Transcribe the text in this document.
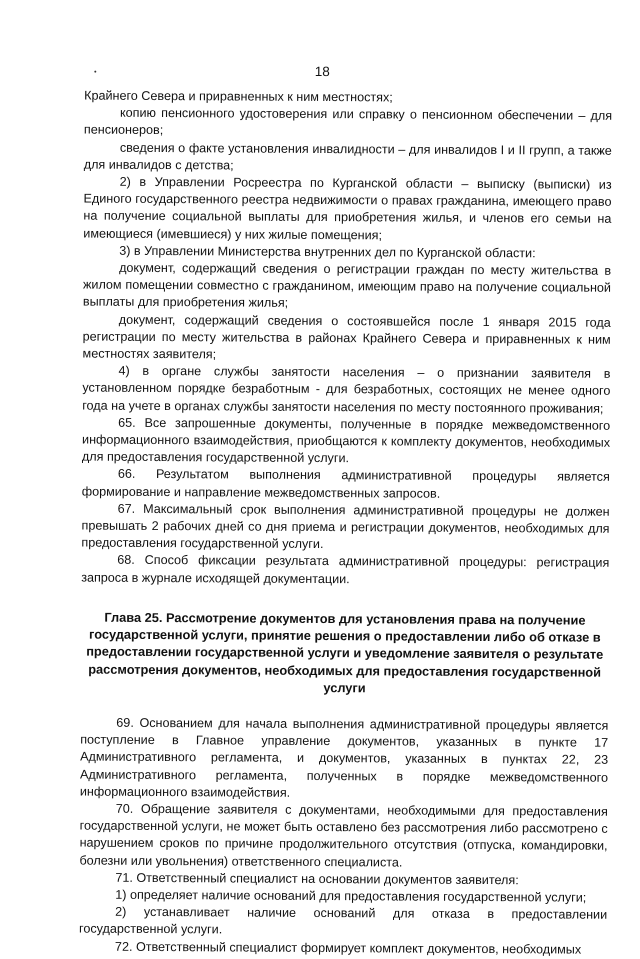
18

Крайнего Севера и приравненных к ним местностях;

копию пенсионного удостоверения или справку о пенсионном обеспечении – для пенсионеров;

сведения о факте установления инвалидности – для инвалидов I и II групп, а также для инвалидов с детства;

2) в Управлении Росреестра по Курганской области – выписку (выписки) из Единого государственного реестра недвижимости о правах гражданина, имеющего право на получение социальной выплаты для приобретения жилья, и членов его семьи на имеющиеся (имевшиеся) у них жилые помещения;

3) в Управлении Министерства внутренних дел по Курганской области:

документ, содержащий сведения о регистрации граждан по месту жительства в жилом помещении совместно с гражданином, имеющим право на получение социальной выплаты для приобретения жилья;

документ, содержащий сведения о состоявшейся после 1 января 2015 года регистрации по месту жительства в районах Крайнего Севера и приравненных к ним местностях заявителя;

4) в органе службы занятости населения – о признании заявителя в установленном порядке безработным - для безработных, состоящих не менее одного года на учете в органах службы занятости населения по месту постоянного проживания;

65. Все запрошенные документы, полученные в порядке межведомственного информационного взаимодействия, приобщаются к комплекту документов, необходимых для предоставления государственной услуги.

66. Результатом выполнения административной процедуры является формирование и направление межведомственных запросов.

67. Максимальный срок выполнения административной процедуры не должен превышать 2 рабочих дней со дня приема и регистрации документов, необходимых для предоставления государственной услуги.

68. Способ фиксации результата административной процедуры: регистрация запроса в журнале исходящей документации.

Глава 25. Рассмотрение документов для установления права на получение государственной услуги, принятие решения о предоставлении либо об отказе в предоставлении государственной услуги и уведомление заявителя о результате рассмотрения документов, необходимых для предоставления государственной услуги

69. Основанием для начала выполнения административной процедуры является поступление в Главное управление документов, указанных в пункте 17 Административного регламента, и документов, указанных в пунктах 22, 23 Административного регламента, полученных в порядке межведомственного информационного взаимодействия.

70. Обращение заявителя с документами, необходимыми для предоставления государственной услуги, не может быть оставлено без рассмотрения либо рассмотрено с нарушением сроков по причине продолжительного отсутствия (отпуска, командировки, болезни или увольнения) ответственного специалиста.

71. Ответственный специалист на основании документов заявителя:

1) определяет наличие оснований для предоставления государственной услуги;

2) устанавливает наличие оснований для отказа в предоставлении государственной услуги.

72. Ответственный специалист формирует комплект документов, необходимых
